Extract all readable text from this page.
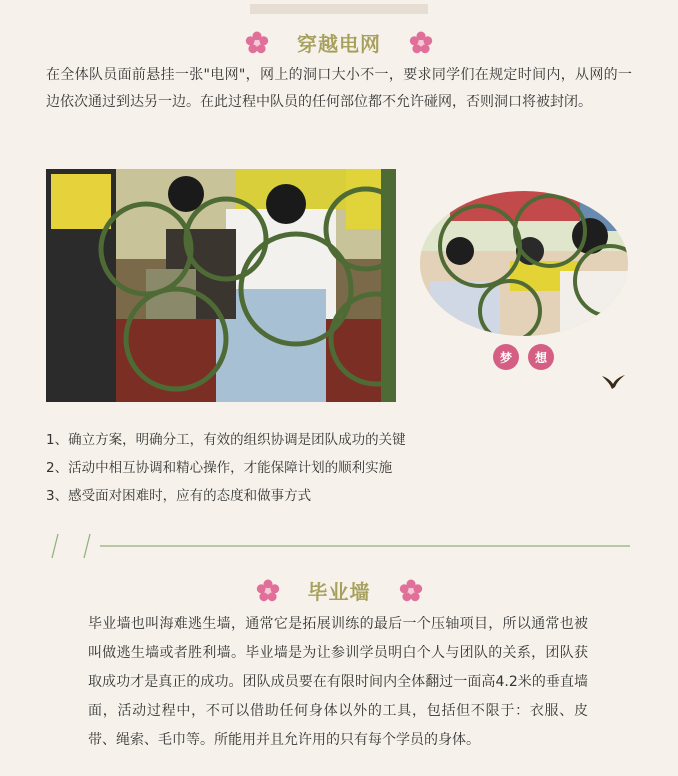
穿越电网

在全体队员面前悬挂一张"电网"，网上的洞口大小不一，要求同学们在规定时间内，从网的一边依次通过到达另一边。在此过程中队员的任何部位都不允许碰网，否则洞口将被封闭。

梦	想
1、确立方案，明确分工，有效的组织协调是团队成功的关键
2、活动中相互协调和精心操作，才能保障计划的顺利实施
3、感受面对困难时，应有的态度和做事方式
毕业墙

毕业墙也叫海难逃生墙，通常它是拓展训练的最后一个压轴项目，所以通常也被叫做逃生墙或者胜利墙。毕业墙是为让参训学员明白个人与团队的关系，团队获取成功才是真正的成功。团队成员要在有限时间内全体翻过一面高4.2米的垂直墙面，活动过程中，不可以借助任何身体以外的工具，包括但不限于：衣服、皮带、绳索、毛巾等。所能用并且允许用的只有每个学员的身体。
